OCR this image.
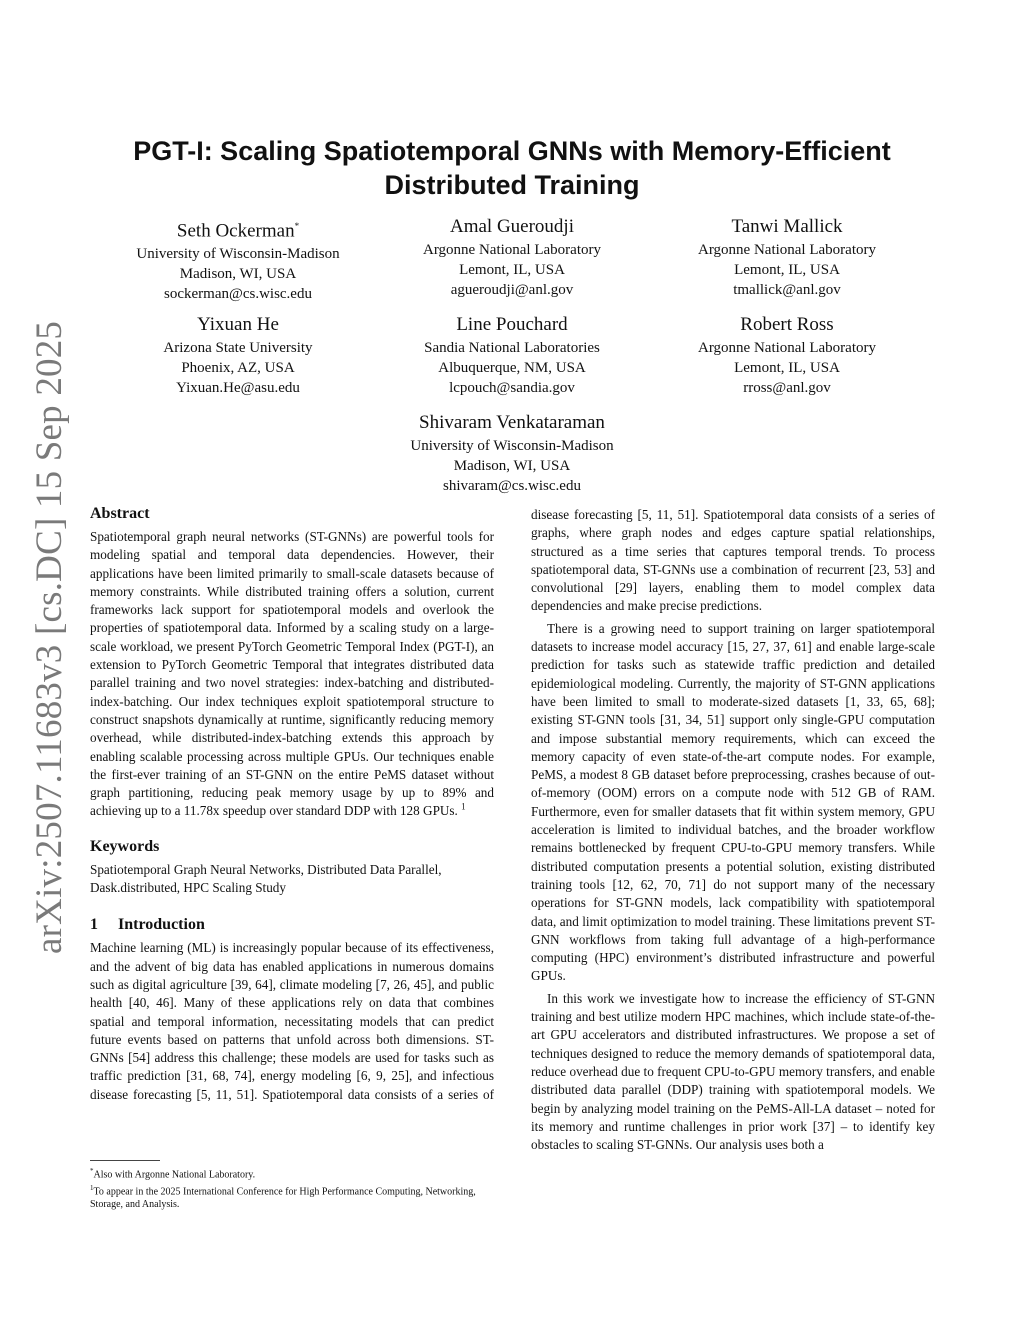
arXiv:2507.11683v3 [cs.DC] 15 Sep 2025
PGT-I: Scaling Spatiotemporal GNNs with Memory-Efficient Distributed Training
Seth Ockerman*
University of Wisconsin-Madison
Madison, WI, USA
sockerman@cs.wisc.edu
Amal Gueroudji
Argonne National Laboratory
Lemont, IL, USA
agueroudji@anl.gov
Tanwi Mallick
Argonne National Laboratory
Lemont, IL, USA
tmallick@anl.gov
Yixuan He
Arizona State University
Phoenix, AZ, USA
Yixuan.He@asu.edu
Line Pouchard
Sandia National Laboratories
Albuquerque, NM, USA
lcpouch@sandia.gov
Robert Ross
Argonne National Laboratory
Lemont, IL, USA
rross@anl.gov
Shivaram Venkataraman
University of Wisconsin-Madison
Madison, WI, USA
shivaram@cs.wisc.edu
Abstract

Spatiotemporal graph neural networks (ST-GNNs) are powerful tools for modeling spatial and temporal data dependencies. However, their applications have been limited primarily to small-scale datasets because of memory constraints. While distributed training offers a solution, current frameworks lack support for spatiotemporal models and overlook the properties of spatiotemporal data. Informed by a scaling study on a large-scale workload, we present PyTorch Geometric Temporal Index (PGT-I), an extension to PyTorch Geometric Temporal that integrates distributed data parallel training and two novel strategies: index-batching and distributed-index-batching. Our index techniques exploit spatiotemporal structure to construct snapshots dynamically at runtime, significantly reducing memory overhead, while distributed-index-batching extends this approach by enabling scalable processing across multiple GPUs. Our techniques enable the first-ever training of an ST-GNN on the entire PeMS dataset without graph partitioning, reducing peak memory usage by up to 89% and achieving up to a 11.78x speedup over standard DDP with 128 GPUs. $^1$

Keywords

Spatiotemporal Graph Neural Networks, Distributed Data Parallel, Dask.distributed, HPC Scaling Study

1 Introduction

Machine learning (ML) is increasingly popular because of its effectiveness, and the advent of big data has enabled applications in numerous domains such as digital agriculture [39, 64], climate modeling [7, 26, 45], and public health [40, 46]. Many of these applications rely on data that combines spatial and temporal information, necessitating models that can predict future events based on patterns that unfold across both dimensions. ST-GNNs [54] address this challenge; these models are used for tasks such as traffic prediction [31, 68, 74], energy modeling [6, 9, 25], and infectious disease forecasting [5, 11, 51]. Spatiotemporal data consists of a series of

disease forecasting [5, 11, 51]. Spatiotemporal data consists of a series of graphs, where graph nodes and edges capture spatial relationships, structured as a time series that captures temporal trends. To process spatiotemporal data, ST-GNNs use a combination of recurrent [23, 53] and convolutional [29] layers, enabling them to model complex data dependencies and make precise predictions.

There is a growing need to support training on larger spatiotemporal datasets to increase model accuracy [15, 27, 37, 61] and enable large-scale prediction for tasks such as statewide traffic prediction and detailed epidemiological modeling. Currently, the majority of ST-GNN applications have been limited to small to moderate-sized datasets [1, 33, 65, 68]; existing ST-GNN tools [31, 34, 51] support only single-GPU computation and impose substantial memory requirements, which can exceed the memory capacity of even state-of-the-art compute nodes. For example, PeMS, a modest 8 GB dataset before preprocessing, crashes because of out-of-memory (OOM) errors on a compute node with 512 GB of RAM. Furthermore, even for smaller datasets that fit within system memory, GPU acceleration is limited to individual batches, and the broader workflow remains bottlenecked by frequent CPU-to-GPU memory transfers. While distributed computation presents a potential solution, existing distributed training tools [12, 62, 70, 71] do not support many of the necessary operations for ST-GNN models, lack compatibility with spatiotemporal data, and limit optimization to model training. These limitations prevent ST-GNN workflows from taking full advantage of a high-performance computing (HPC) environment’s distributed infrastructure and powerful GPUs.

In this work we investigate how to increase the efficiency of ST-GNN training and best utilize modern HPC machines, which include state-of-the-art GPU accelerators and distributed infrastructures. We propose a set of techniques designed to reduce the memory demands of spatiotemporal data, reduce overhead due to frequent CPU-to-GPU memory transfers, and enable distributed data parallel (DDP) training with spatiotemporal models. We begin by analyzing model training on the PeMS-All-LA dataset – noted for its memory and runtime challenges in prior work [37] – to identify key obstacles to scaling ST-GNNs. Our analysis uses both a

*Also with Argonne National Laboratory.
$^1$To appear in the 2025 International Conference for High Performance Computing, Networking, Storage, and Analysis.
